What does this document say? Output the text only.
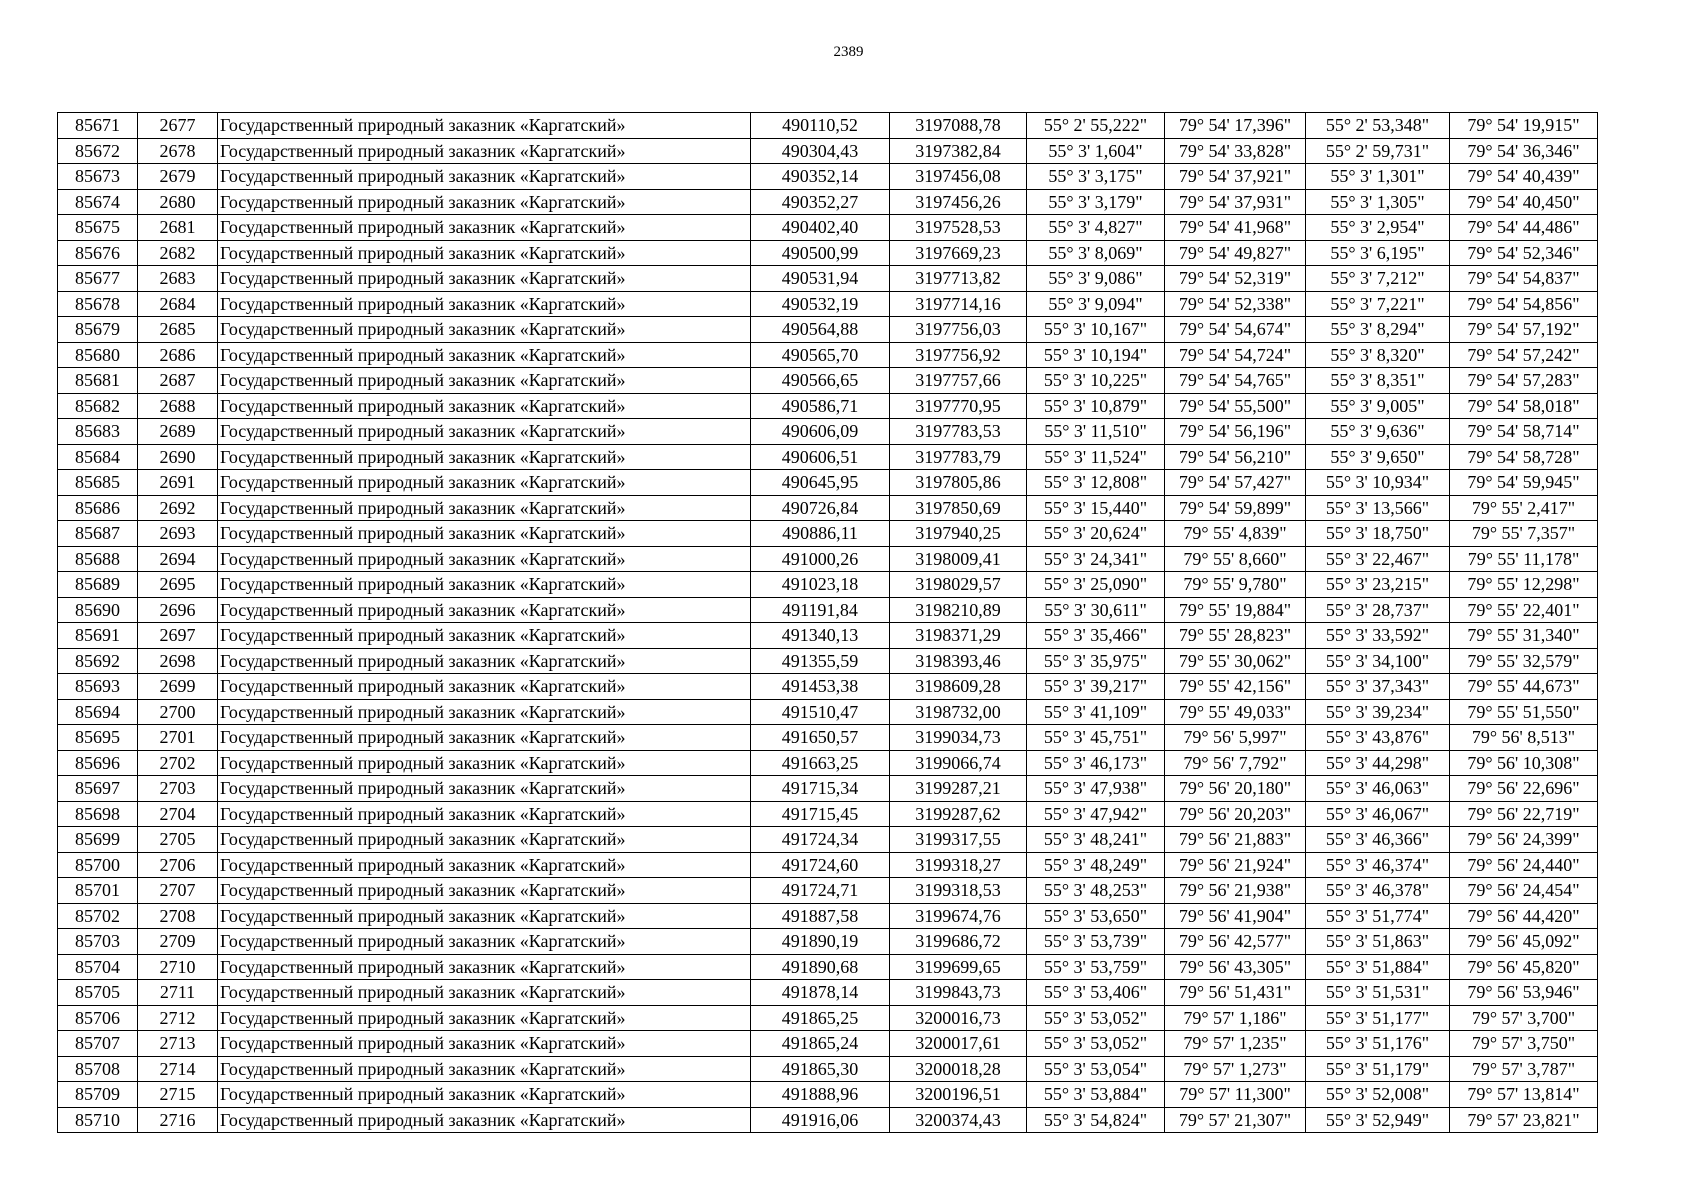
2389
85671	2677	Государственный природный заказник «Каргатский»	490110,52	3197088,78	55° 2' 55,222"	79° 54' 17,396"	55° 2' 53,348"	79° 54' 19,915"
85672	2678	Государственный природный заказник «Каргатский»	490304,43	3197382,84	55° 3' 1,604"	79° 54' 33,828"	55° 2' 59,731"	79° 54' 36,346"
85673	2679	Государственный природный заказник «Каргатский»	490352,14	3197456,08	55° 3' 3,175"	79° 54' 37,921"	55° 3' 1,301"	79° 54' 40,439"
85674	2680	Государственный природный заказник «Каргатский»	490352,27	3197456,26	55° 3' 3,179"	79° 54' 37,931"	55° 3' 1,305"	79° 54' 40,450"
85675	2681	Государственный природный заказник «Каргатский»	490402,40	3197528,53	55° 3' 4,827"	79° 54' 41,968"	55° 3' 2,954"	79° 54' 44,486"
85676	2682	Государственный природный заказник «Каргатский»	490500,99	3197669,23	55° 3' 8,069"	79° 54' 49,827"	55° 3' 6,195"	79° 54' 52,346"
85677	2683	Государственный природный заказник «Каргатский»	490531,94	3197713,82	55° 3' 9,086"	79° 54' 52,319"	55° 3' 7,212"	79° 54' 54,837"
85678	2684	Государственный природный заказник «Каргатский»	490532,19	3197714,16	55° 3' 9,094"	79° 54' 52,338"	55° 3' 7,221"	79° 54' 54,856"
85679	2685	Государственный природный заказник «Каргатский»	490564,88	3197756,03	55° 3' 10,167"	79° 54' 54,674"	55° 3' 8,294"	79° 54' 57,192"
85680	2686	Государственный природный заказник «Каргатский»	490565,70	3197756,92	55° 3' 10,194"	79° 54' 54,724"	55° 3' 8,320"	79° 54' 57,242"
85681	2687	Государственный природный заказник «Каргатский»	490566,65	3197757,66	55° 3' 10,225"	79° 54' 54,765"	55° 3' 8,351"	79° 54' 57,283"
85682	2688	Государственный природный заказник «Каргатский»	490586,71	3197770,95	55° 3' 10,879"	79° 54' 55,500"	55° 3' 9,005"	79° 54' 58,018"
85683	2689	Государственный природный заказник «Каргатский»	490606,09	3197783,53	55° 3' 11,510"	79° 54' 56,196"	55° 3' 9,636"	79° 54' 58,714"
85684	2690	Государственный природный заказник «Каргатский»	490606,51	3197783,79	55° 3' 11,524"	79° 54' 56,210"	55° 3' 9,650"	79° 54' 58,728"
85685	2691	Государственный природный заказник «Каргатский»	490645,95	3197805,86	55° 3' 12,808"	79° 54' 57,427"	55° 3' 10,934"	79° 54' 59,945"
85686	2692	Государственный природный заказник «Каргатский»	490726,84	3197850,69	55° 3' 15,440"	79° 54' 59,899"	55° 3' 13,566"	79° 55' 2,417"
85687	2693	Государственный природный заказник «Каргатский»	490886,11	3197940,25	55° 3' 20,624"	79° 55' 4,839"	55° 3' 18,750"	79° 55' 7,357"
85688	2694	Государственный природный заказник «Каргатский»	491000,26	3198009,41	55° 3' 24,341"	79° 55' 8,660"	55° 3' 22,467"	79° 55' 11,178"
85689	2695	Государственный природный заказник «Каргатский»	491023,18	3198029,57	55° 3' 25,090"	79° 55' 9,780"	55° 3' 23,215"	79° 55' 12,298"
85690	2696	Государственный природный заказник «Каргатский»	491191,84	3198210,89	55° 3' 30,611"	79° 55' 19,884"	55° 3' 28,737"	79° 55' 22,401"
85691	2697	Государственный природный заказник «Каргатский»	491340,13	3198371,29	55° 3' 35,466"	79° 55' 28,823"	55° 3' 33,592"	79° 55' 31,340"
85692	2698	Государственный природный заказник «Каргатский»	491355,59	3198393,46	55° 3' 35,975"	79° 55' 30,062"	55° 3' 34,100"	79° 55' 32,579"
85693	2699	Государственный природный заказник «Каргатский»	491453,38	3198609,28	55° 3' 39,217"	79° 55' 42,156"	55° 3' 37,343"	79° 55' 44,673"
85694	2700	Государственный природный заказник «Каргатский»	491510,47	3198732,00	55° 3' 41,109"	79° 55' 49,033"	55° 3' 39,234"	79° 55' 51,550"
85695	2701	Государственный природный заказник «Каргатский»	491650,57	3199034,73	55° 3' 45,751"	79° 56' 5,997"	55° 3' 43,876"	79° 56' 8,513"
85696	2702	Государственный природный заказник «Каргатский»	491663,25	3199066,74	55° 3' 46,173"	79° 56' 7,792"	55° 3' 44,298"	79° 56' 10,308"
85697	2703	Государственный природный заказник «Каргатский»	491715,34	3199287,21	55° 3' 47,938"	79° 56' 20,180"	55° 3' 46,063"	79° 56' 22,696"
85698	2704	Государственный природный заказник «Каргатский»	491715,45	3199287,62	55° 3' 47,942"	79° 56' 20,203"	55° 3' 46,067"	79° 56' 22,719"
85699	2705	Государственный природный заказник «Каргатский»	491724,34	3199317,55	55° 3' 48,241"	79° 56' 21,883"	55° 3' 46,366"	79° 56' 24,399"
85700	2706	Государственный природный заказник «Каргатский»	491724,60	3199318,27	55° 3' 48,249"	79° 56' 21,924"	55° 3' 46,374"	79° 56' 24,440"
85701	2707	Государственный природный заказник «Каргатский»	491724,71	3199318,53	55° 3' 48,253"	79° 56' 21,938"	55° 3' 46,378"	79° 56' 24,454"
85702	2708	Государственный природный заказник «Каргатский»	491887,58	3199674,76	55° 3' 53,650"	79° 56' 41,904"	55° 3' 51,774"	79° 56' 44,420"
85703	2709	Государственный природный заказник «Каргатский»	491890,19	3199686,72	55° 3' 53,739"	79° 56' 42,577"	55° 3' 51,863"	79° 56' 45,092"
85704	2710	Государственный природный заказник «Каргатский»	491890,68	3199699,65	55° 3' 53,759"	79° 56' 43,305"	55° 3' 51,884"	79° 56' 45,820"
85705	2711	Государственный природный заказник «Каргатский»	491878,14	3199843,73	55° 3' 53,406"	79° 56' 51,431"	55° 3' 51,531"	79° 56' 53,946"
85706	2712	Государственный природный заказник «Каргатский»	491865,25	3200016,73	55° 3' 53,052"	79° 57' 1,186"	55° 3' 51,177"	79° 57' 3,700"
85707	2713	Государственный природный заказник «Каргатский»	491865,24	3200017,61	55° 3' 53,052"	79° 57' 1,235"	55° 3' 51,176"	79° 57' 3,750"
85708	2714	Государственный природный заказник «Каргатский»	491865,30	3200018,28	55° 3' 53,054"	79° 57' 1,273"	55° 3' 51,179"	79° 57' 3,787"
85709	2715	Государственный природный заказник «Каргатский»	491888,96	3200196,51	55° 3' 53,884"	79° 57' 11,300"	55° 3' 52,008"	79° 57' 13,814"
85710	2716	Государственный природный заказник «Каргатский»	491916,06	3200374,43	55° 3' 54,824"	79° 57' 21,307"	55° 3' 52,949"	79° 57' 23,821"
